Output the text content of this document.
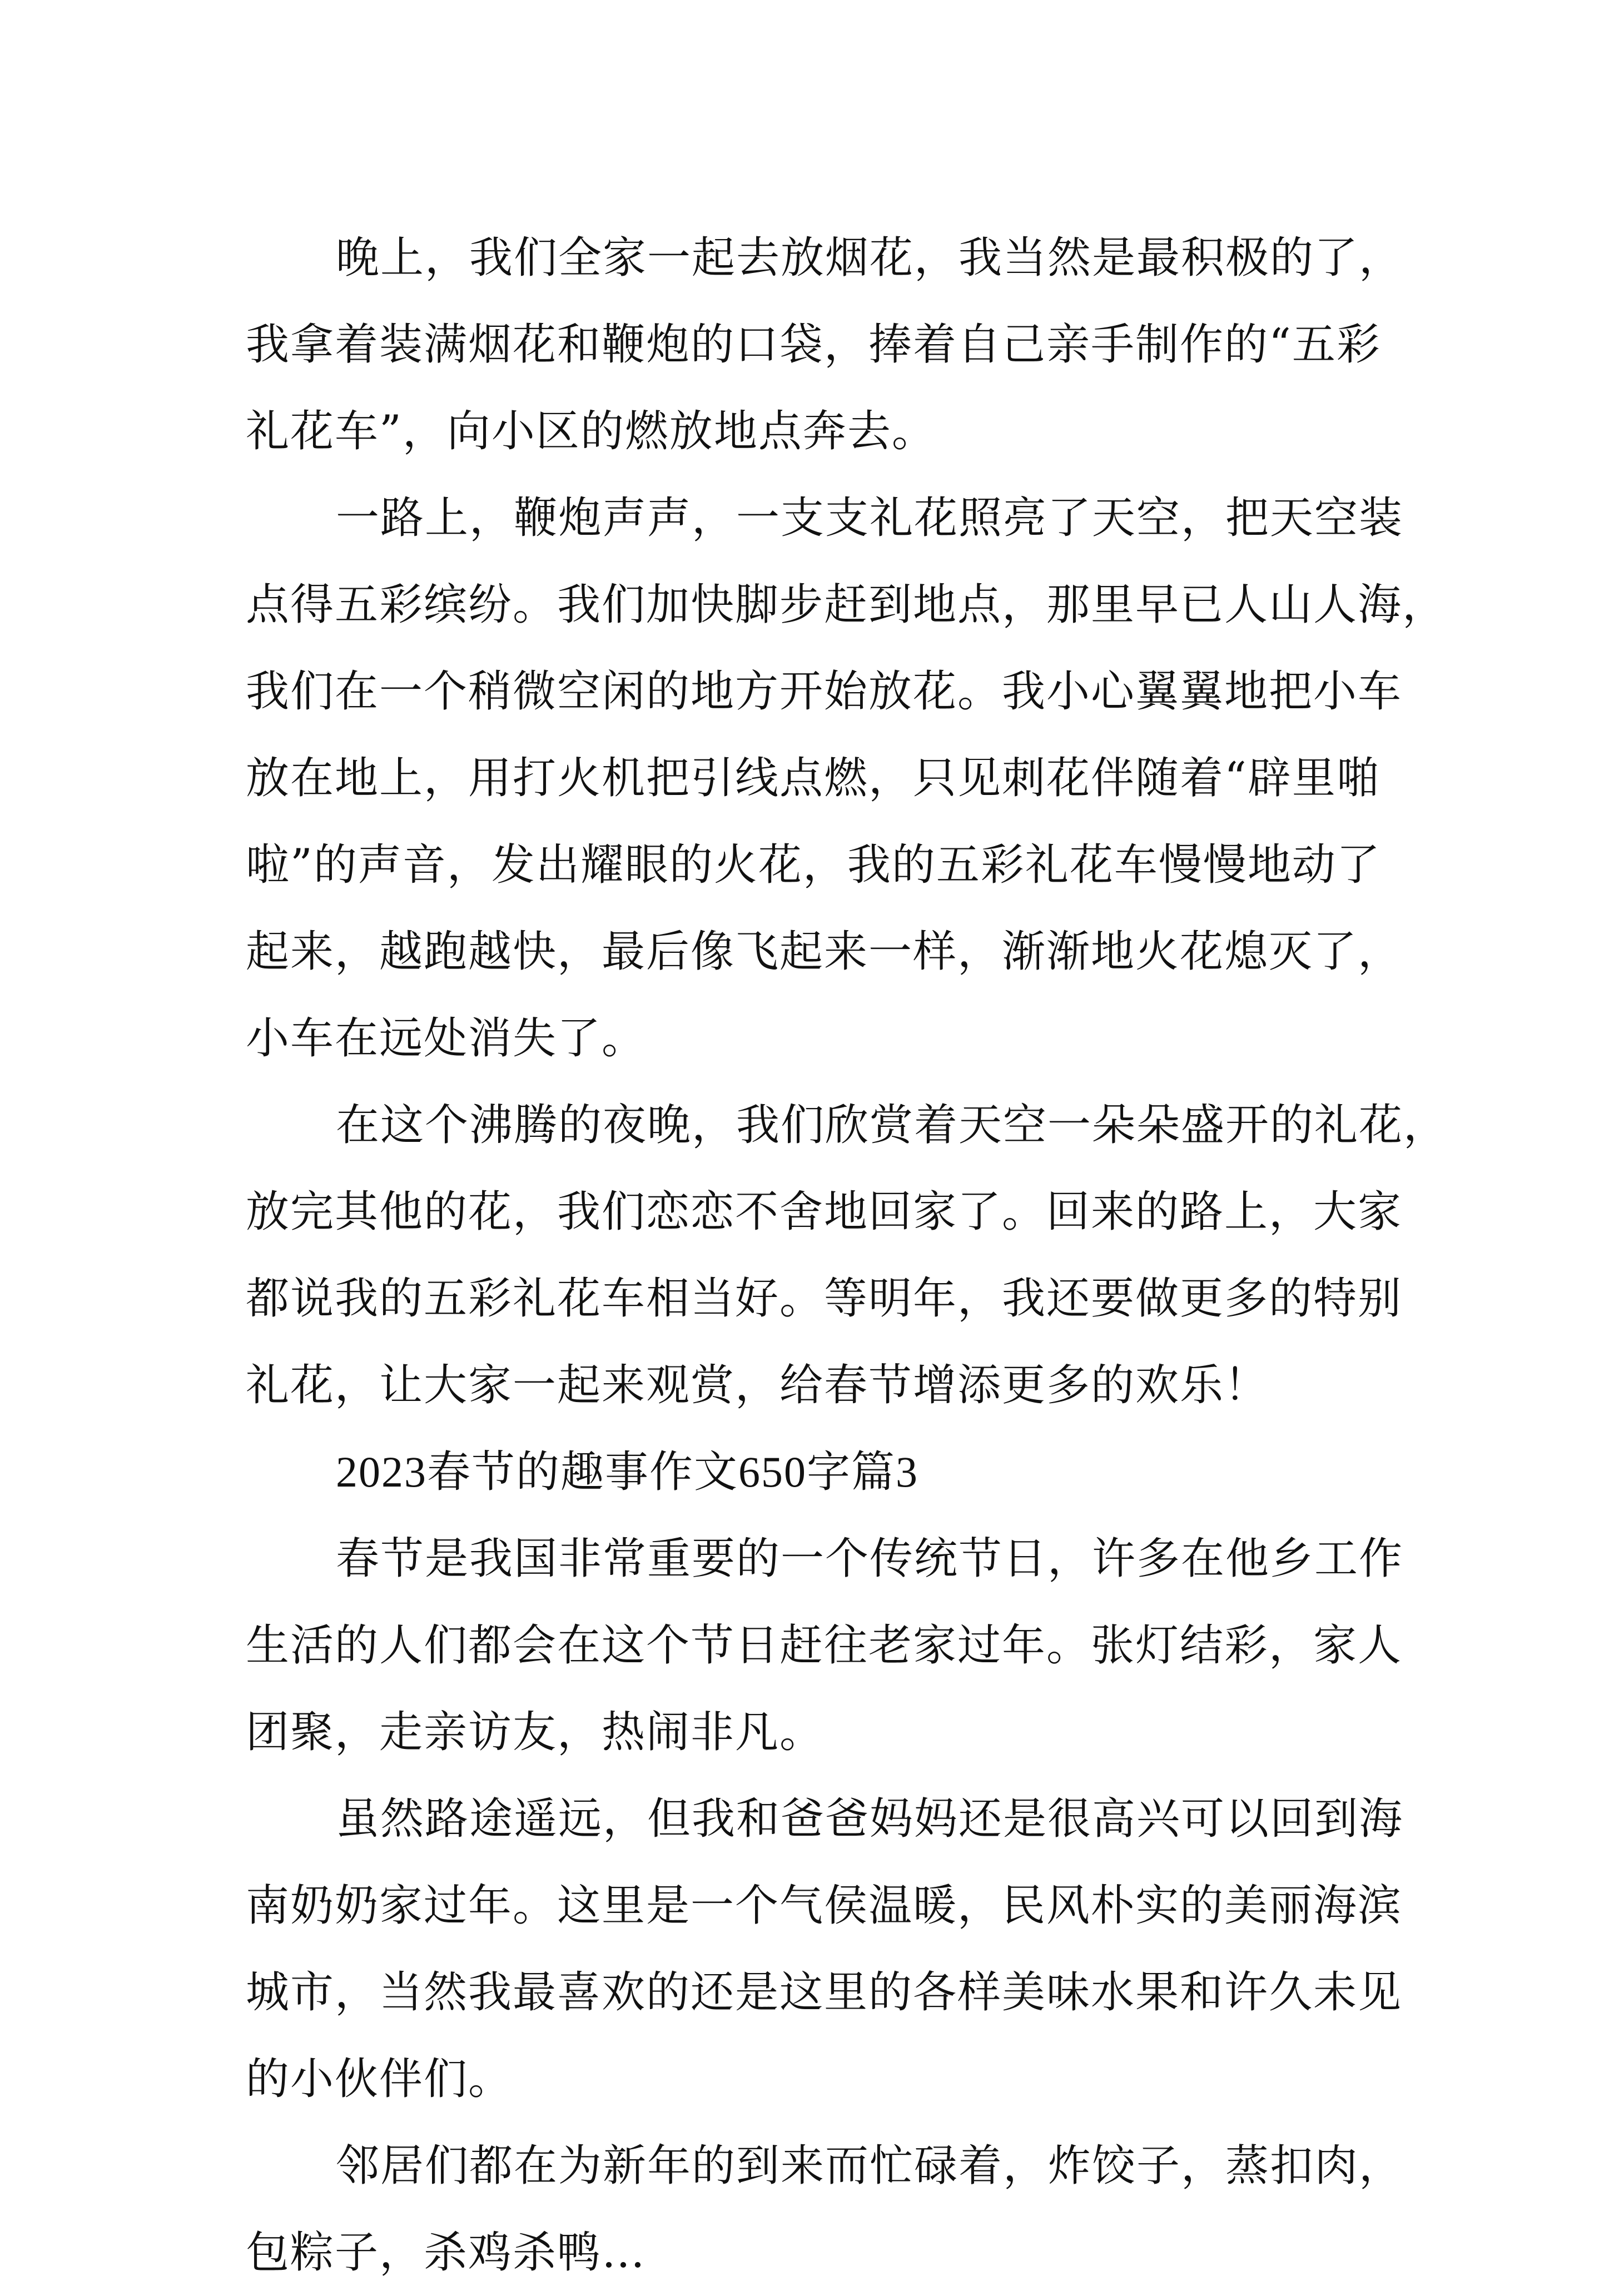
晚上，我们全家一起去放烟花，我当然是最积极的了，
我拿着装满烟花和鞭炮的口袋，捧着自己亲手制作的“五彩
礼花车”，向小区的燃放地点奔去。
一路上，鞭炮声声，一支支礼花照亮了天空，把天空装
点得五彩缤纷。我们加快脚步赶到地点，那里早已人山人海，
我们在一个稍微空闲的地方开始放花。我小心翼翼地把小车
放在地上，用打火机把引线点燃，只见刺花伴随着“辟里啪
啦”的声音，发出耀眼的火花，我的五彩礼花车慢慢地动了
起来，越跑越快，最后像飞起来一样，渐渐地火花熄灭了，
小车在远处消失了。
在这个沸腾的夜晚，我们欣赏着天空一朵朵盛开的礼花，
放完其他的花，我们恋恋不舍地回家了。回来的路上，大家
都说我的五彩礼花车相当好。等明年，我还要做更多的特别
礼花，让大家一起来观赏，给春节增添更多的欢乐！
2023春节的趣事作文650字篇3
春节是我国非常重要的一个传统节日，许多在他乡工作
生活的人们都会在这个节日赶往老家过年。张灯结彩，家人
团聚，走亲访友，热闹非凡。
虽然路途遥远，但我和爸爸妈妈还是很高兴可以回到海
南奶奶家过年。这里是一个气侯温暖，民风朴实的美丽海滨
城市，当然我最喜欢的还是这里的各样美味水果和许久未见
的小伙伴们。
邻居们都在为新年的到来而忙碌着，炸饺子，蒸扣肉，
包粽子，杀鸡杀鸭…
